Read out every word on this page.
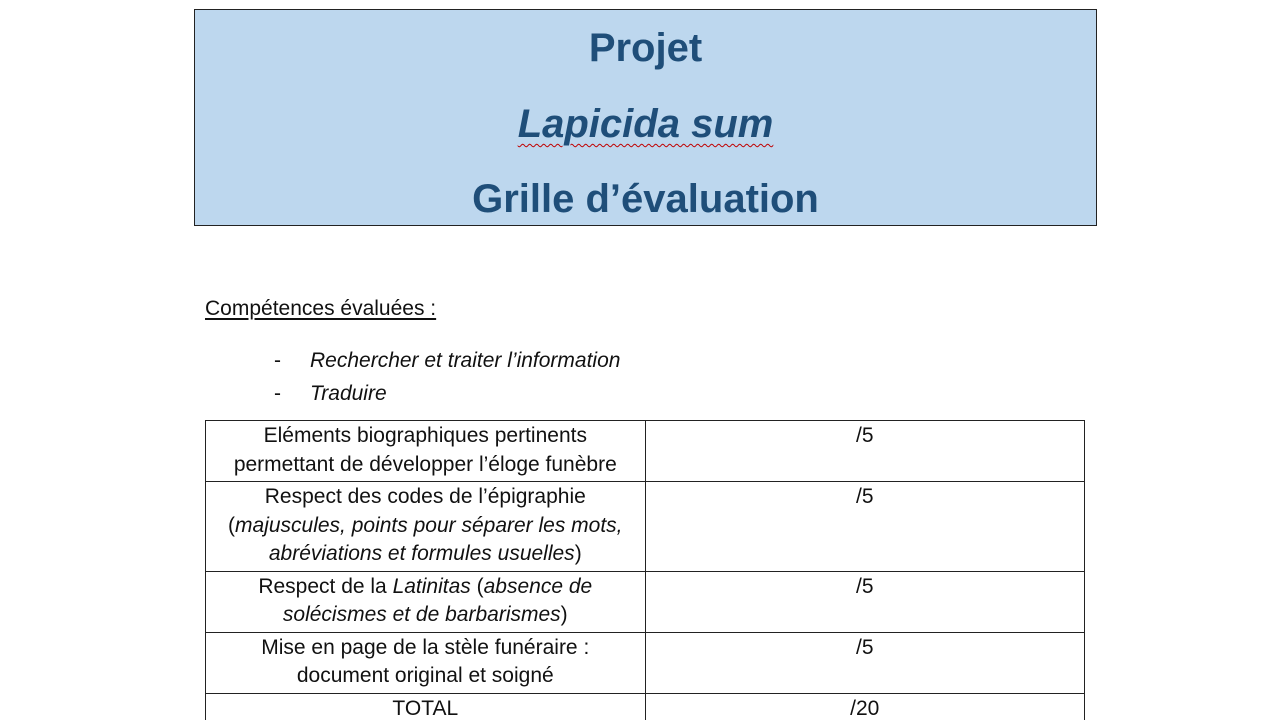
Projet
Lapicida sum
Grille d’évaluation
Compétences évaluées :
-	Rechercher et traiter l’information
-	Traduire
Eléments biographiques pertinents permettant de développer l’éloge funèbre	/5
Respect des codes de l’épigraphie (majuscules, points pour séparer les mots, abréviations et formules usuelles)	/5
Respect de la Latinitas (absence de solécismes et de barbarismes)	/5
Mise en page de la stèle funéraire : document original et soigné	/5
TOTAL	/20
